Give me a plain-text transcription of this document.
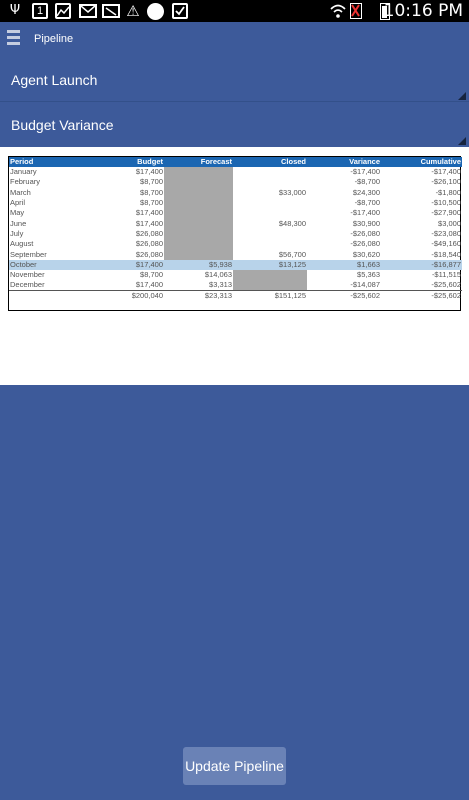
Ψ 1	⚠	10:16 PM
Pipeline
Agent Launch
Budget Variance
Period	Budget	Forecast	Closed	Variance	Cumulative
January	$17,400			-$17,400	-$17,400
February	$8,700			-$8,700	-$26,100
March	$8,700		$33,000	$24,300	-$1,800
April	$8,700			-$8,700	-$10,500
May	$17,400			-$17,400	-$27,900
June	$17,400		$48,300	$30,900	$3,000
July	$26,080			-$26,080	-$23,080
August	$26,080			-$26,080	-$49,160
September	$26,080		$56,700	$30,620	-$18,540
October	$17,400	$5,938	$13,125	$1,663	-$16,877
November	$8,700	$14,063		$5,363	-$11,515
December	$17,400	$3,313		-$14,087	-$25,602
	$200,040	$23,313	$151,125	-$25,602	-$25,602
Update Pipeline
